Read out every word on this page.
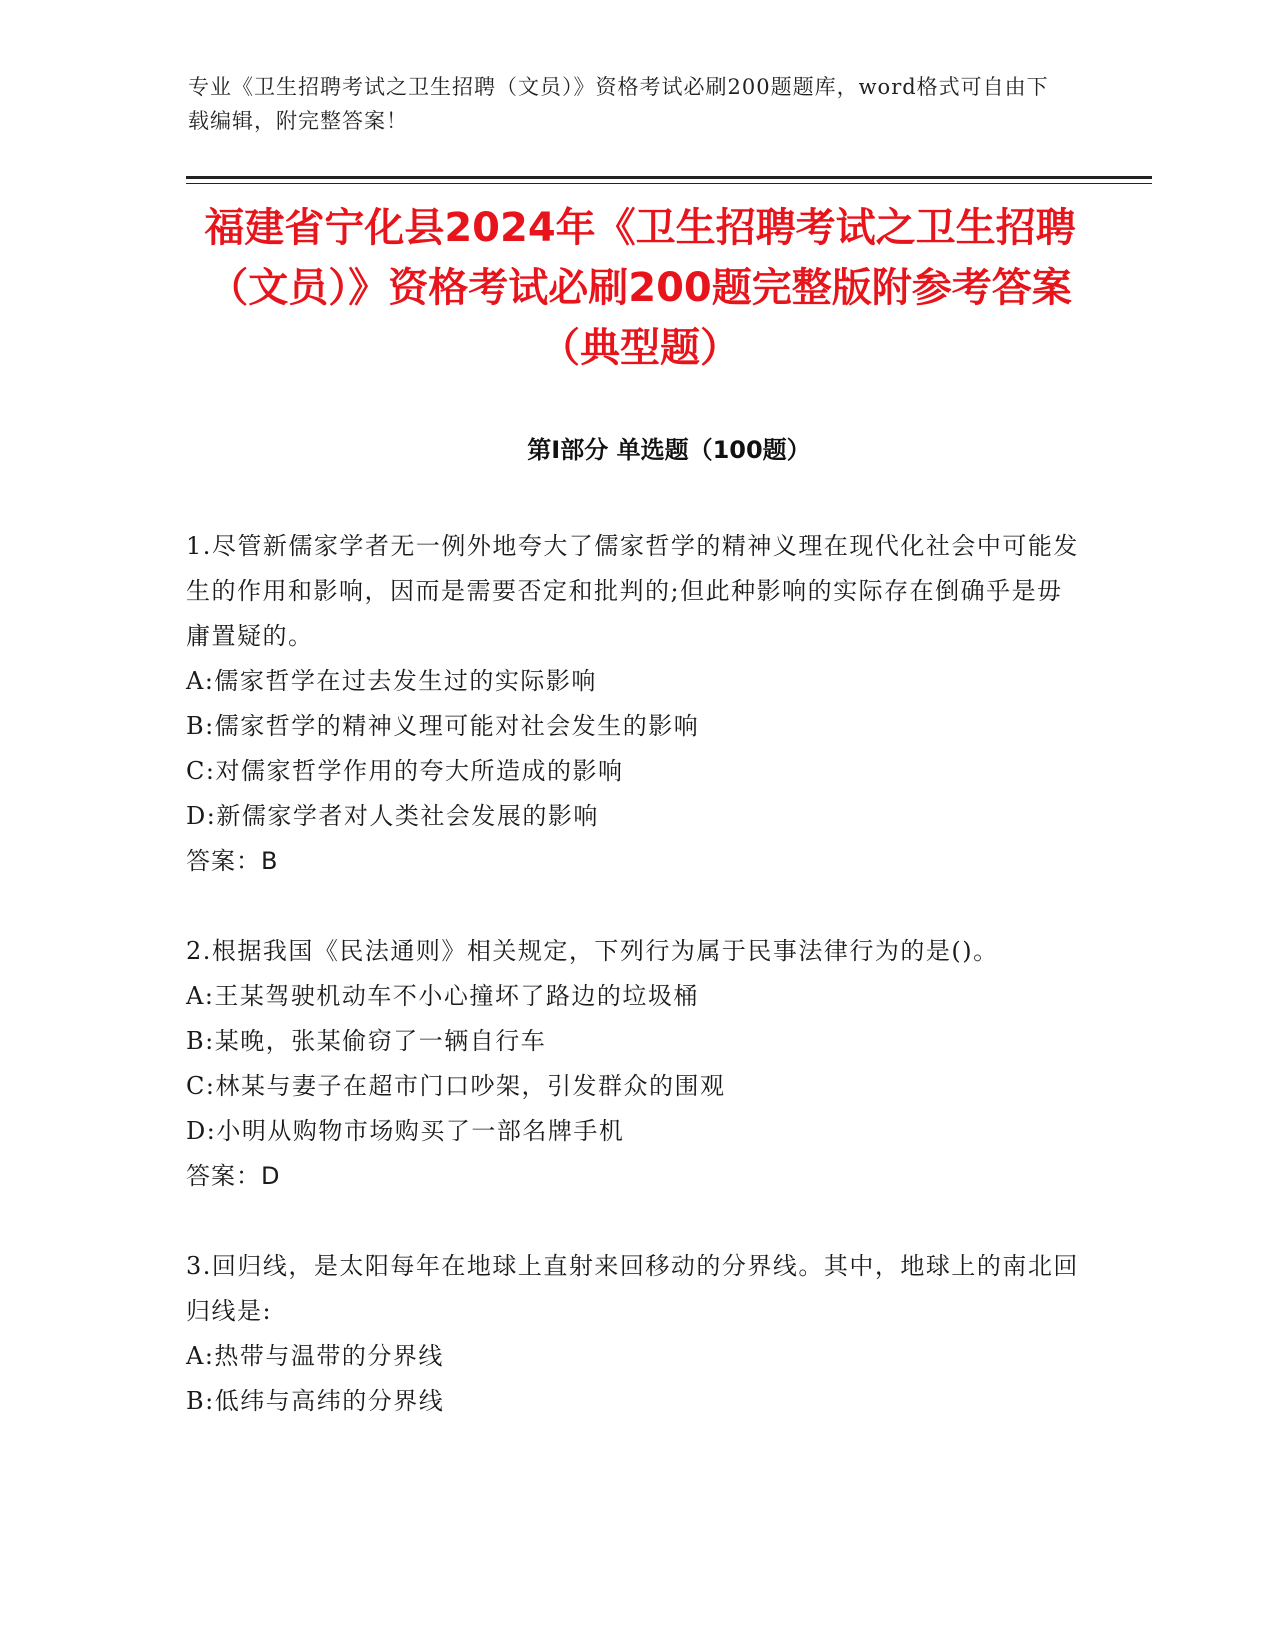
专业《卫生招聘考试之卫生招聘（文员）》资格考试必刷200题题库，word格式可自由下载编辑，附完整答案！
福建省宁化县2024年《卫生招聘考试之卫生招聘（文员）》资格考试必刷200题完整版附参考答案（典型题）
第Ⅰ部分 单选题（100题）

1.尽管新儒家学者无一例外地夸大了儒家哲学的精神义理在现代化社会中可能发生的作用和影响，因而是需要否定和批判的;但此种影响的实际存在倒确乎是毋庸置疑的。

A:儒家哲学在过去发生过的实际影响

B:儒家哲学的精神义理可能对社会发生的影响

C:对儒家哲学作用的夸大所造成的影响

D:新儒家学者对人类社会发展的影响

答案：B

2.根据我国《民法通则》相关规定，下列行为属于民事法律行为的是()。

A:王某驾驶机动车不小心撞坏了路边的垃圾桶

B:某晚，张某偷窃了一辆自行车

C:林某与妻子在超市门口吵架，引发群众的围观

D:小明从购物市场购买了一部名牌手机

答案：D

3.回归线，是太阳每年在地球上直射来回移动的分界线。其中，地球上的南北回归线是:

A:热带与温带的分界线

B:低纬与高纬的分界线
